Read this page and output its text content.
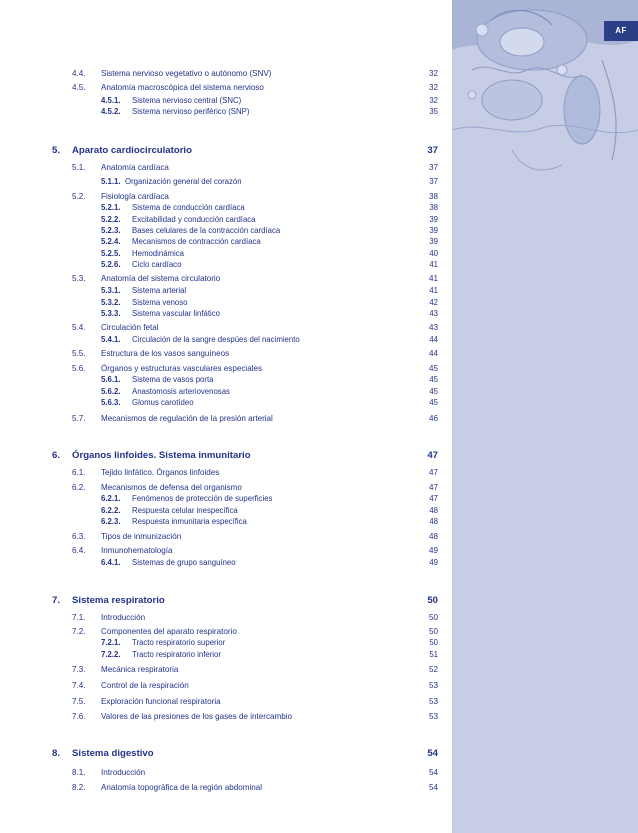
AF
4.4. Sistema nervioso vegetativo o autónomo (SNV)	32
4.5. Anatomía macroscópica del sistema nervioso	32
4.5.1. Sistema nervioso central (SNC)	32
4.5.2. Sistema nervioso periférico (SNP)	35
5. Aparato cardiocirculatorio	37
5.1. Anatomía cardíaca	37
5.1.1. Organización general del corazón	37
5.2. Fisiología cardíaca	38
5.2.1. Sistema de conducción cardíaca	38
5.2.2. Excitabilidad y conducción cardíaca	39
5.2.3. Bases celulares de la contracción cardíaca	39
5.2.4. Mecanismos de contracción cardíaca	39
5.2.5. Hemodinámica	40
5.2.6. Ciclo cardíaco	41
5.3. Anatomía del sistema circulatorio	41
5.3.1. Sistema arterial	41
5.3.2. Sistema venoso	42
5.3.3. Sistema vascular linfático	43
5.4. Circulación fetal	43
5.4.1. Circulación de la sangre despúes del nacimiento	44
5.5. Estructura de los vasos sanguíneos	44
5.6. Órganos y estructuras vasculares especiales	45
5.6.1. Sistema de vasos porta	45
5.6.2. Anastomosis arteriovenosas	45
5.6.3. Glomus carotídeo	45
5.7. Mecanismos de regulación de la presión arterial	46
6. Órganos linfoides. Sistema inmunitario	47
6.1. Tejido linfático. Órganos linfoides	47
6.2. Mecanismos de defensa del organismo	47
6.2.1. Fenómenos de protección de superficies	47
6.2.2. Respuesta celular inespecífica	48
6.2.3. Respuesta inmunitaria específica	48
6.3. Tipos de inmunización	48
6.4. Inmunohematología	49
6.4.1. Sistemas de grupo sanguíneo	49
7. Sistema respiratorio	50
7.1. Introducción	50
7.2. Componentes del aparato respiratorio	50
7.2.1. Tracto respiratorio superior	50
7.2.2. Tracto respiratorio inferior	51
7.3. Mecánica respiratoria	52
7.4. Control de la respiración	53
7.5. Exploración funcional respiratoria	53
7.6. Valores de las presiones de los gases de intercambio	53
8. Sistema digestivo	54
8.1. Introducción	54
8.2. Anatomía topográfica de la región abdominal	54
